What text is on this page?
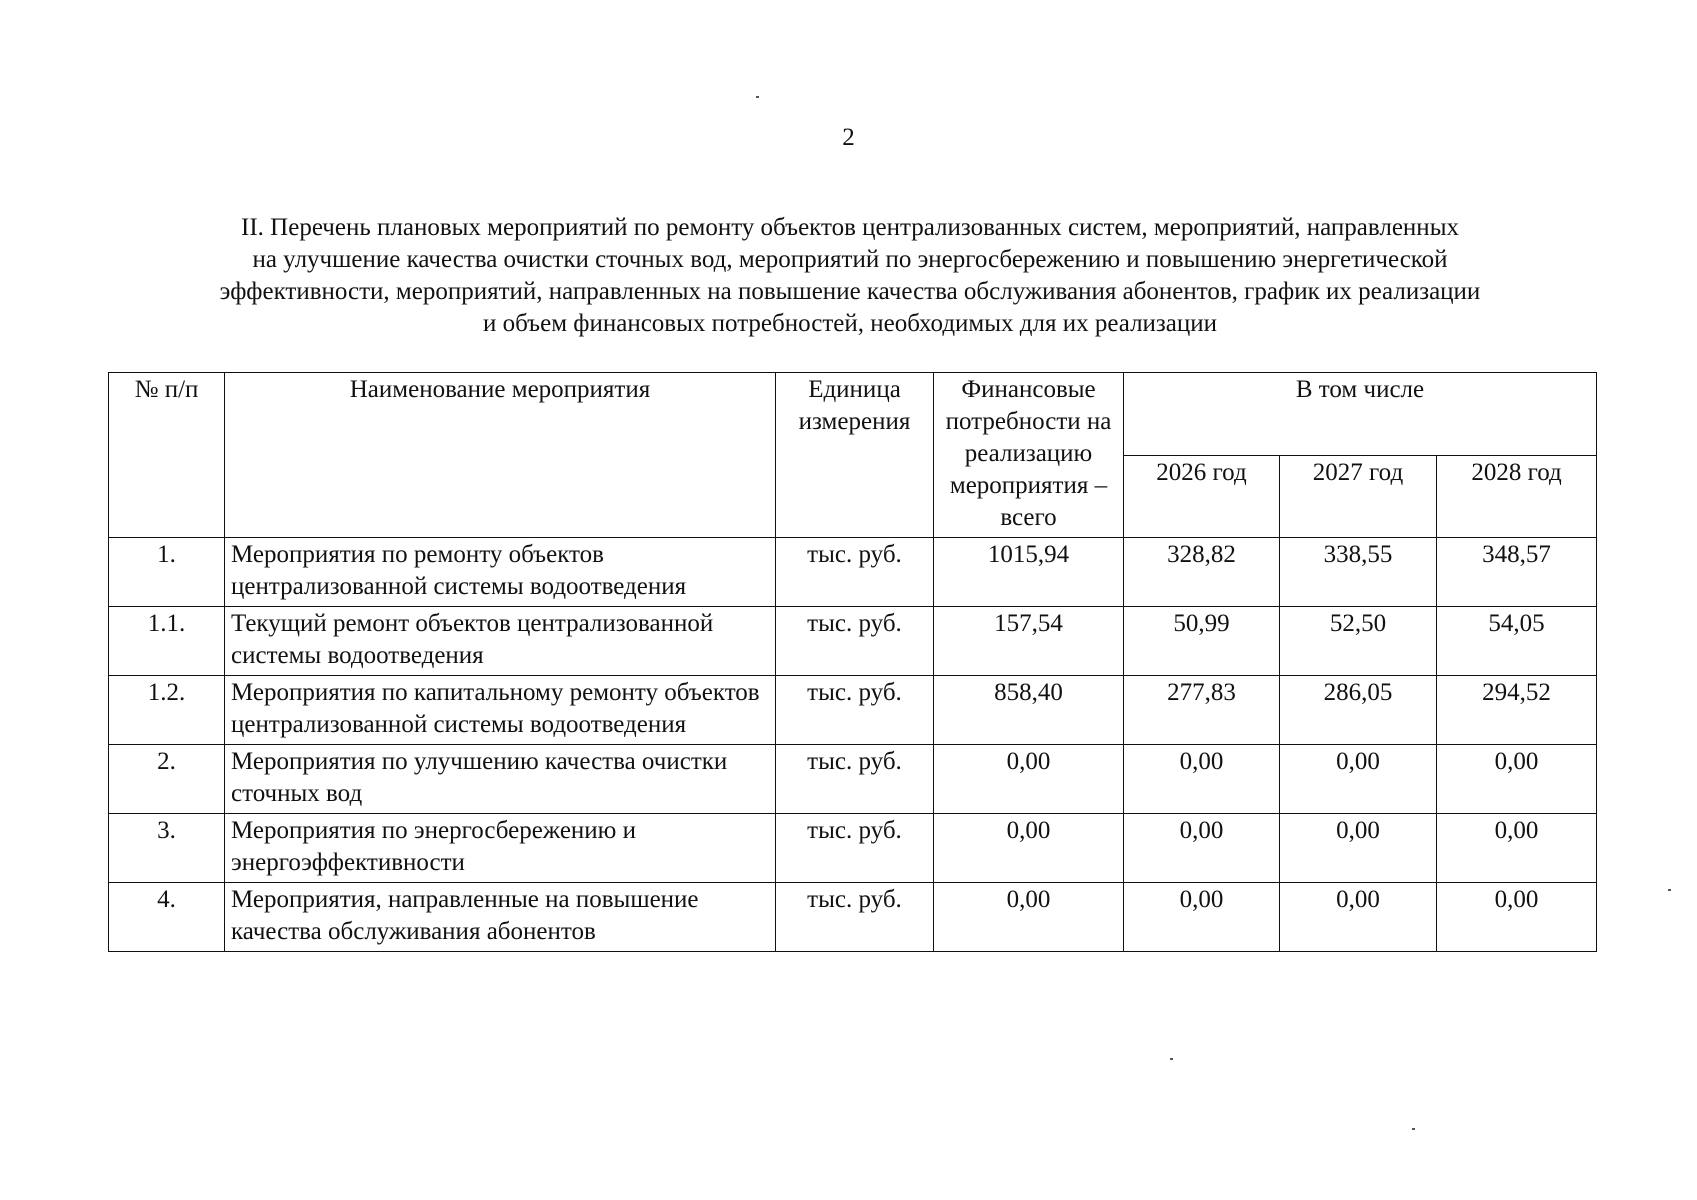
2
II. Перечень плановых мероприятий по ремонту объектов централизованных систем, мероприятий, направленных
на улучшение качества очистки сточных вод, мероприятий по энергосбережению и повышению энергетической
эффективности, мероприятий, направленных на повышение качества обслуживания абонентов, график их реализации
и объем финансовых потребностей, необходимых для их реализации
№ п/п	Наименование мероприятия	Единица измерения	Финансовые потребности на реализацию мероприятия – всего	В том числе		
				2026 год	2027 год	2028 год
1.	Мероприятия по ремонту объектов централизованной системы водоотведения	тыс. руб.	1015,94	328,82	338,55	348,57
1.1.	Текущий ремонт объектов централизованной системы водоотведения	тыс. руб.	157,54	50,99	52,50	54,05
1.2.	Мероприятия по капитальному ремонту объектов централизованной системы водоотведения	тыс. руб.	858,40	277,83	286,05	294,52
2.	Мероприятия по улучшению качества очистки сточных вод	тыс. руб.	0,00	0,00	0,00	0,00
3.	Мероприятия по энергосбережению и энергоэффективности	тыс. руб.	0,00	0,00	0,00	0,00
4.	Мероприятия, направленные на повышение качества обслуживания абонентов	тыс. руб.	0,00	0,00	0,00	0,00
